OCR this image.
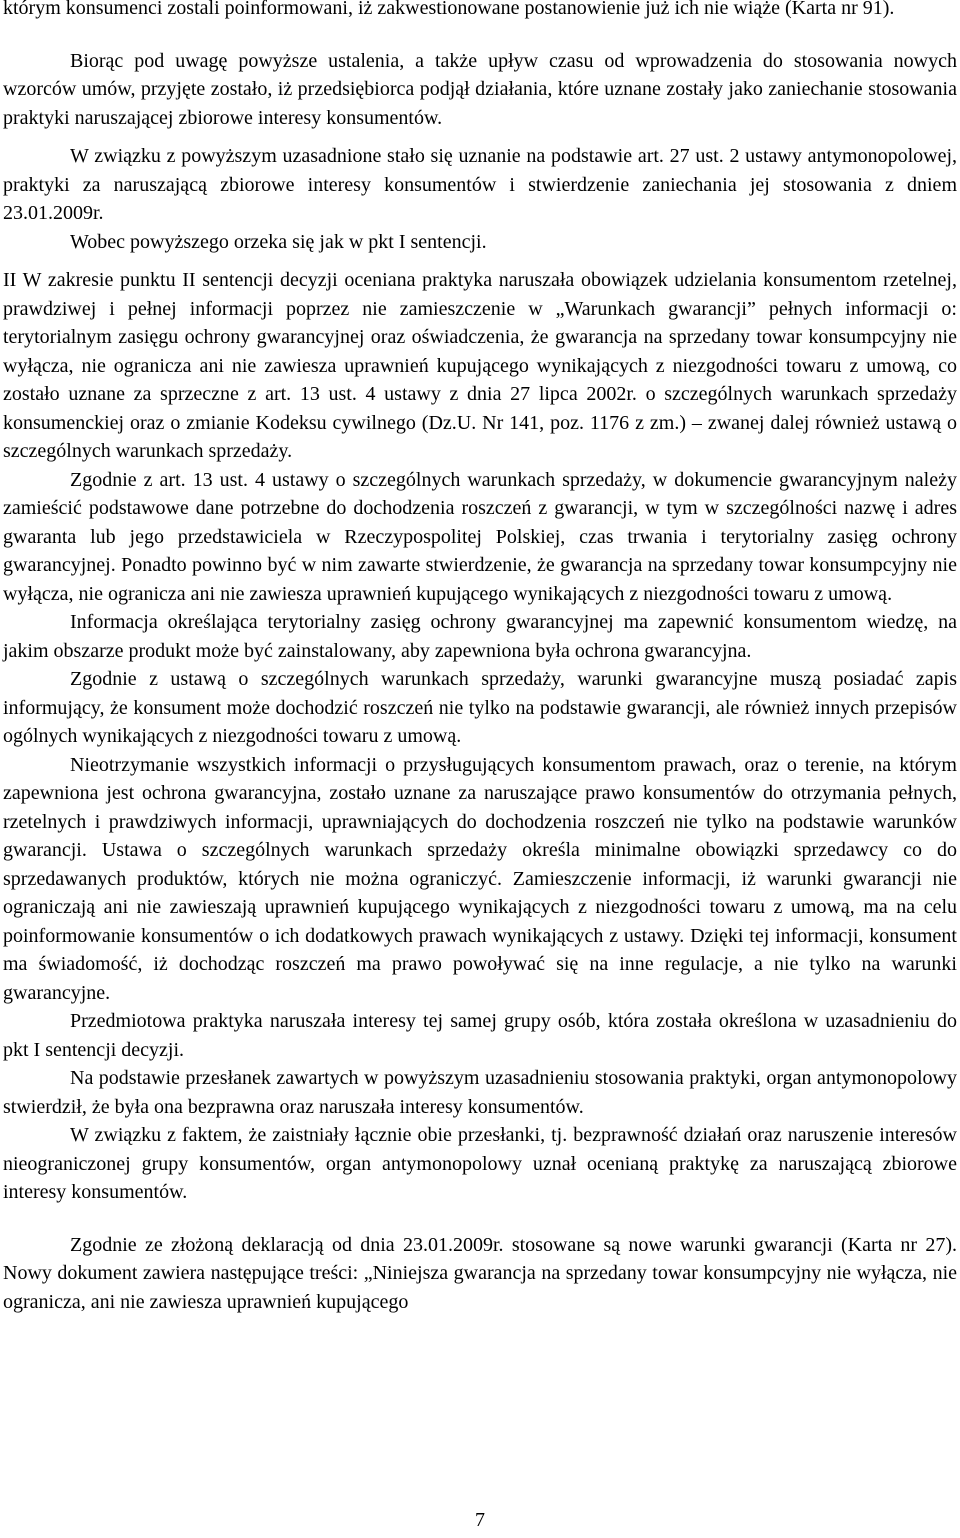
którym konsumenci zostali poinformowani, iż zakwestionowane postanowienie już ich nie wiąże (Karta nr 91).

Biorąc pod uwagę powyższe ustalenia, a także upływ czasu od wprowadzenia do stosowania nowych wzorców umów, przyjęte zostało, iż przedsiębiorca podjął działania, które uznane zostały jako zaniechanie stosowania praktyki naruszającej zbiorowe interesy konsumentów.

W związku z powyższym uzasadnione stało się uznanie na podstawie art. 27 ust. 2 ustawy antymonopolowej, praktyki za naruszającą zbiorowe interesy konsumentów i stwierdzenie zaniechania jej stosowania z dniem 23.01.2009r.

Wobec powyższego orzeka się jak w pkt I sentencji.

II W zakresie punktu II sentencji decyzji oceniana praktyka naruszała obowiązek udzielania konsumentom rzetelnej, prawdziwej i pełnej informacji poprzez nie zamieszczenie w „Warunkach gwarancji” pełnych informacji o: terytorialnym zasięgu ochrony gwarancyjnej oraz oświadczenia, że gwarancja na sprzedany towar konsumpcyjny nie wyłącza, nie ogranicza ani nie zawiesza uprawnień kupującego wynikających z niezgodności towaru z umową, co zostało uznane za sprzeczne z art. 13 ust. 4 ustawy z dnia 27 lipca 2002r. o szczególnych warunkach sprzedaży konsumenckiej oraz o zmianie Kodeksu cywilnego (Dz.U. Nr 141, poz. 1176 z zm.) – zwanej dalej również ustawą o szczególnych warunkach sprzedaży.

Zgodnie z art. 13 ust. 4 ustawy o szczególnych warunkach sprzedaży, w dokumencie gwarancyjnym należy zamieścić podstawowe dane potrzebne do dochodzenia roszczeń z gwarancji, w tym w szczególności nazwę i adres gwaranta lub jego przedstawiciela w Rzeczypospolitej Polskiej, czas trwania i terytorialny zasięg ochrony gwarancyjnej. Ponadto powinno być w nim zawarte stwierdzenie, że gwarancja na sprzedany towar konsumpcyjny nie wyłącza, nie ogranicza ani nie zawiesza uprawnień kupującego wynikających z niezgodności towaru z umową.

Informacja określająca terytorialny zasięg ochrony gwarancyjnej ma zapewnić konsumentom wiedzę, na jakim obszarze produkt może być zainstalowany, aby zapewniona była ochrona gwarancyjna.

Zgodnie z ustawą o szczególnych warunkach sprzedaży, warunki gwarancyjne muszą posiadać zapis informujący, że konsument może dochodzić roszczeń nie tylko na podstawie gwarancji, ale również innych przepisów ogólnych wynikających z niezgodności towaru z umową.

Nieotrzymanie wszystkich informacji o przysługujących konsumentom prawach, oraz o terenie, na którym zapewniona jest ochrona gwarancyjna, zostało uznane za naruszające prawo konsumentów do otrzymania pełnych, rzetelnych i prawdziwych informacji, uprawniających do dochodzenia roszczeń nie tylko na podstawie warunków gwarancji. Ustawa o szczególnych warunkach sprzedaży określa minimalne obowiązki sprzedawcy co do sprzedawanych produktów, których nie można ograniczyć. Zamieszczenie informacji, iż warunki gwarancji nie ograniczają ani nie zawieszają uprawnień kupującego wynikających z niezgodności towaru z umową, ma na celu poinformowanie konsumentów o ich dodatkowych prawach wynikających z ustawy. Dzięki tej informacji, konsument ma świadomość, iż dochodząc roszczeń ma prawo powoływać się na inne regulacje, a nie tylko na warunki gwarancyjne.

Przedmiotowa praktyka naruszała interesy tej samej grupy osób, która została określona w uzasadnieniu do pkt I sentencji decyzji.

Na podstawie przesłanek zawartych w powyższym uzasadnieniu stosowania praktyki, organ antymonopolowy stwierdził, że była ona bezprawna oraz naruszała interesy konsumentów.

W związku z faktem, że zaistniały łącznie obie przesłanki, tj. bezprawność działań oraz naruszenie interesów nieograniczonej grupy konsumentów, organ antymonopolowy uznał ocenianą praktykę za naruszającą zbiorowe interesy konsumentów.

Zgodnie ze złożoną deklaracją od dnia 23.01.2009r. stosowane są nowe warunki gwarancji (Karta nr 27). Nowy dokument zawiera następujące treści: „Niniejsza gwarancja na sprzedany towar konsumpcyjny nie wyłącza, nie ogranicza, ani nie zawiesza uprawnień kupującego

7
